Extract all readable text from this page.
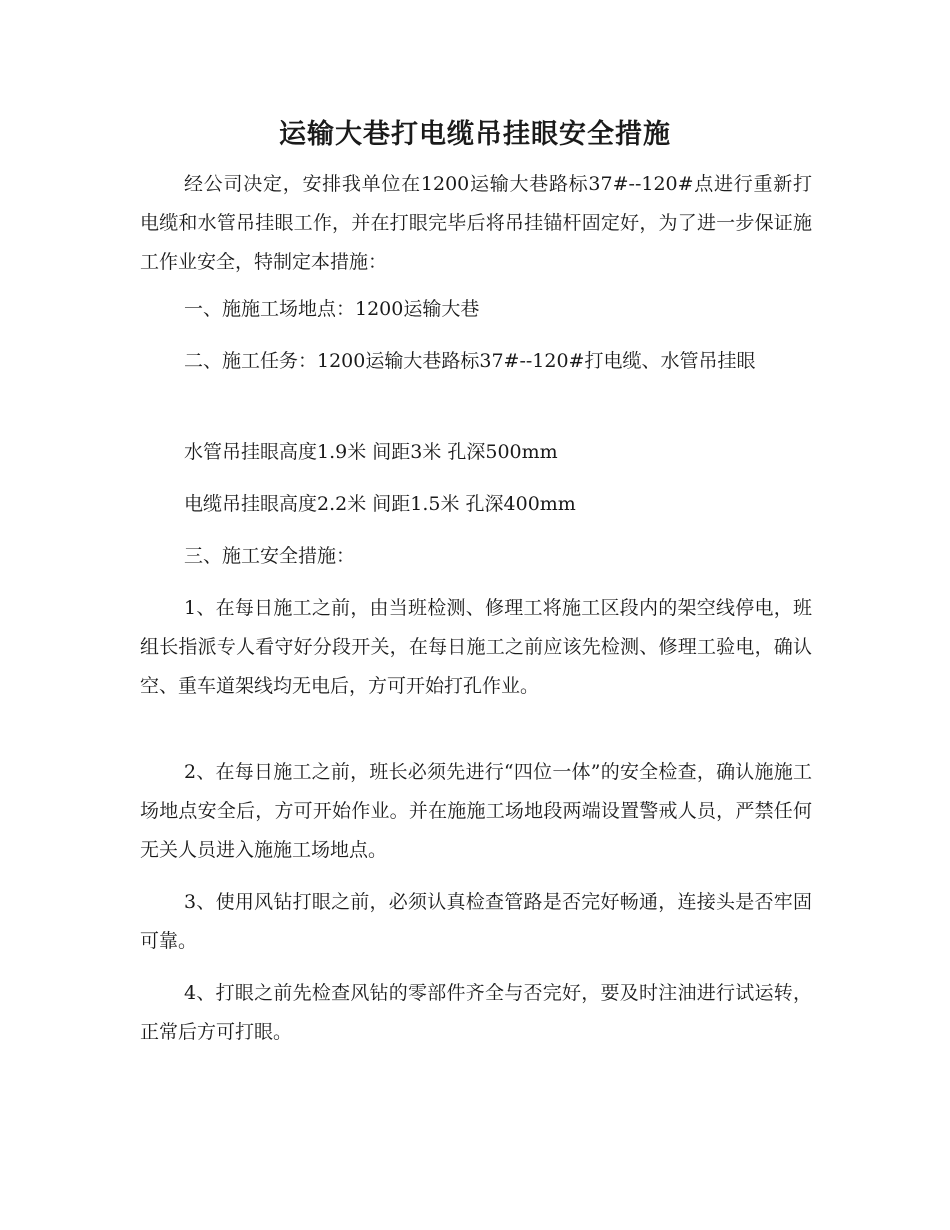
运输大巷打电缆吊挂眼安全措施

经公司决定，安排我单位在1200运输大巷路标37#--120#点进行重新打电缆和水管吊挂眼工作，并在打眼完毕后将吊挂锚杆固定好，为了进一步保证施工作业安全，特制定本措施：

一、施施工场地点：1200运输大巷

二、施工任务：1200运输大巷路标37#--120#打电缆、水管吊挂眼

水管吊挂眼高度1.9米 间距3米 孔深500mm

电缆吊挂眼高度2.2米 间距1.5米 孔深400mm

三、施工安全措施：

1、在每日施工之前，由当班检测、修理工将施工区段内的架空线停电，班组长指派专人看守好分段开关，在每日施工之前应该先检测、修理工验电，确认空、重车道架线均无电后，方可开始打孔作业。

2、在每日施工之前，班长必须先进行“四位一体”的安全检查，确认施施工场地点安全后，方可开始作业。并在施施工场地段两端设置警戒人员，严禁任何无关人员进入施施工场地点。

3、使用风钻打眼之前，必须认真检查管路是否完好畅通，连接头是否牢固可靠。

4、打眼之前先检查风钻的零部件齐全与否完好，要及时注油进行试运转，正常后方可打眼。
